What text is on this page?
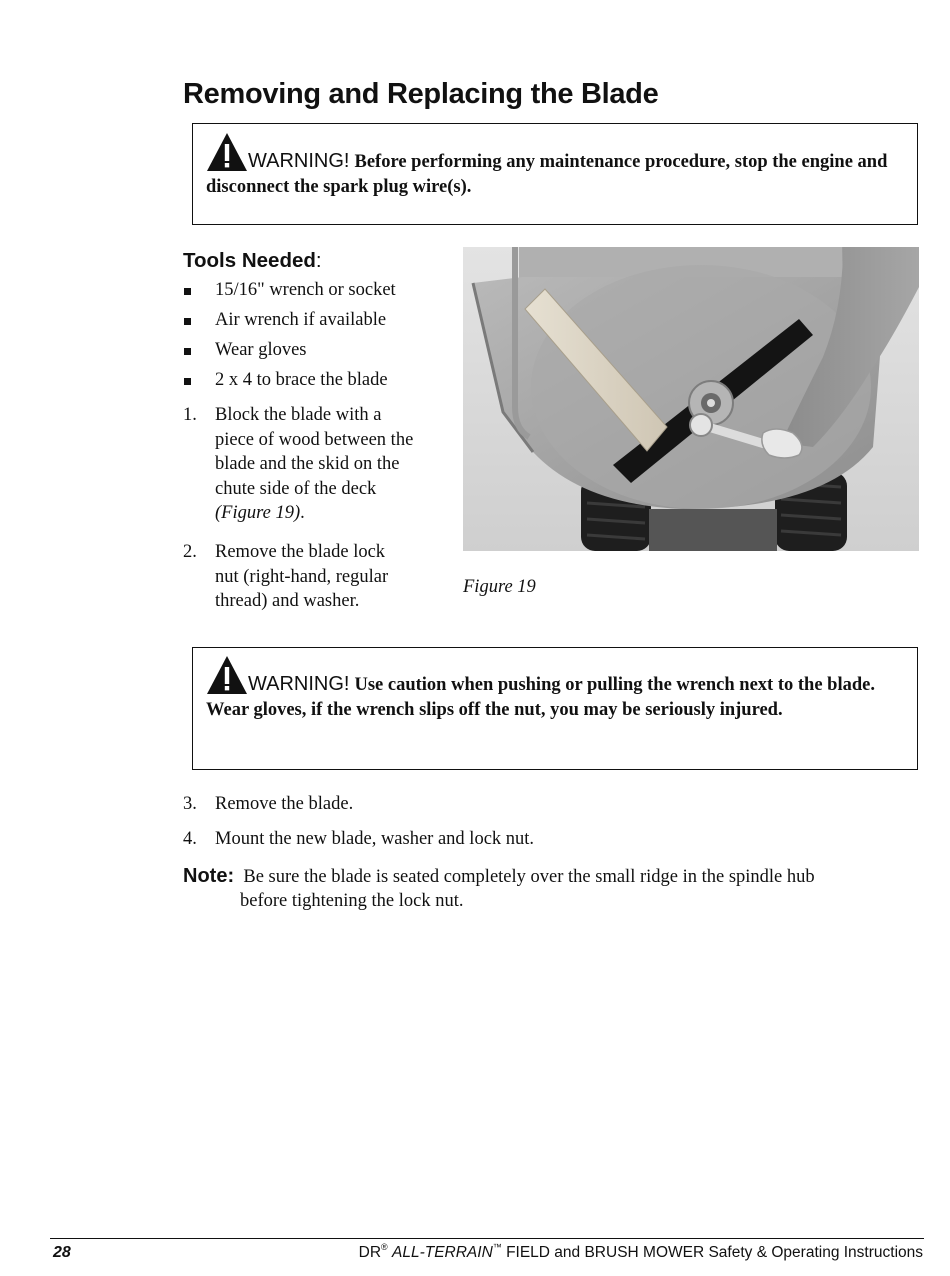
Removing and Replacing the Blade
WARNING! Before performing any maintenance procedure, stop the engine and disconnect the spark plug wire(s).
Tools Needed:
15/16" wrench or socket
Air wrench if available
Wear gloves
2 x 4 to brace the blade
1. Block the blade with a
piece of wood between the
blade and the skid on the
chute side of the deck
(Figure 19).
2. Remove the blade lock
nut (right-hand, regular
thread) and washer.
Figure 19
WARNING! Use caution when pushing or pulling the wrench next to the blade. Wear gloves, if the wrench slips off the nut, you may be seriously injured.
3. Remove the blade.
4. Mount the new blade, washer and lock nut.
Note: Be sure the blade is seated completely over the small ridge in the spindle hub
before tightening the lock nut.
28	DR® ALL-TERRAIN™ FIELD and BRUSH MOWER Safety & Operating Instructions
